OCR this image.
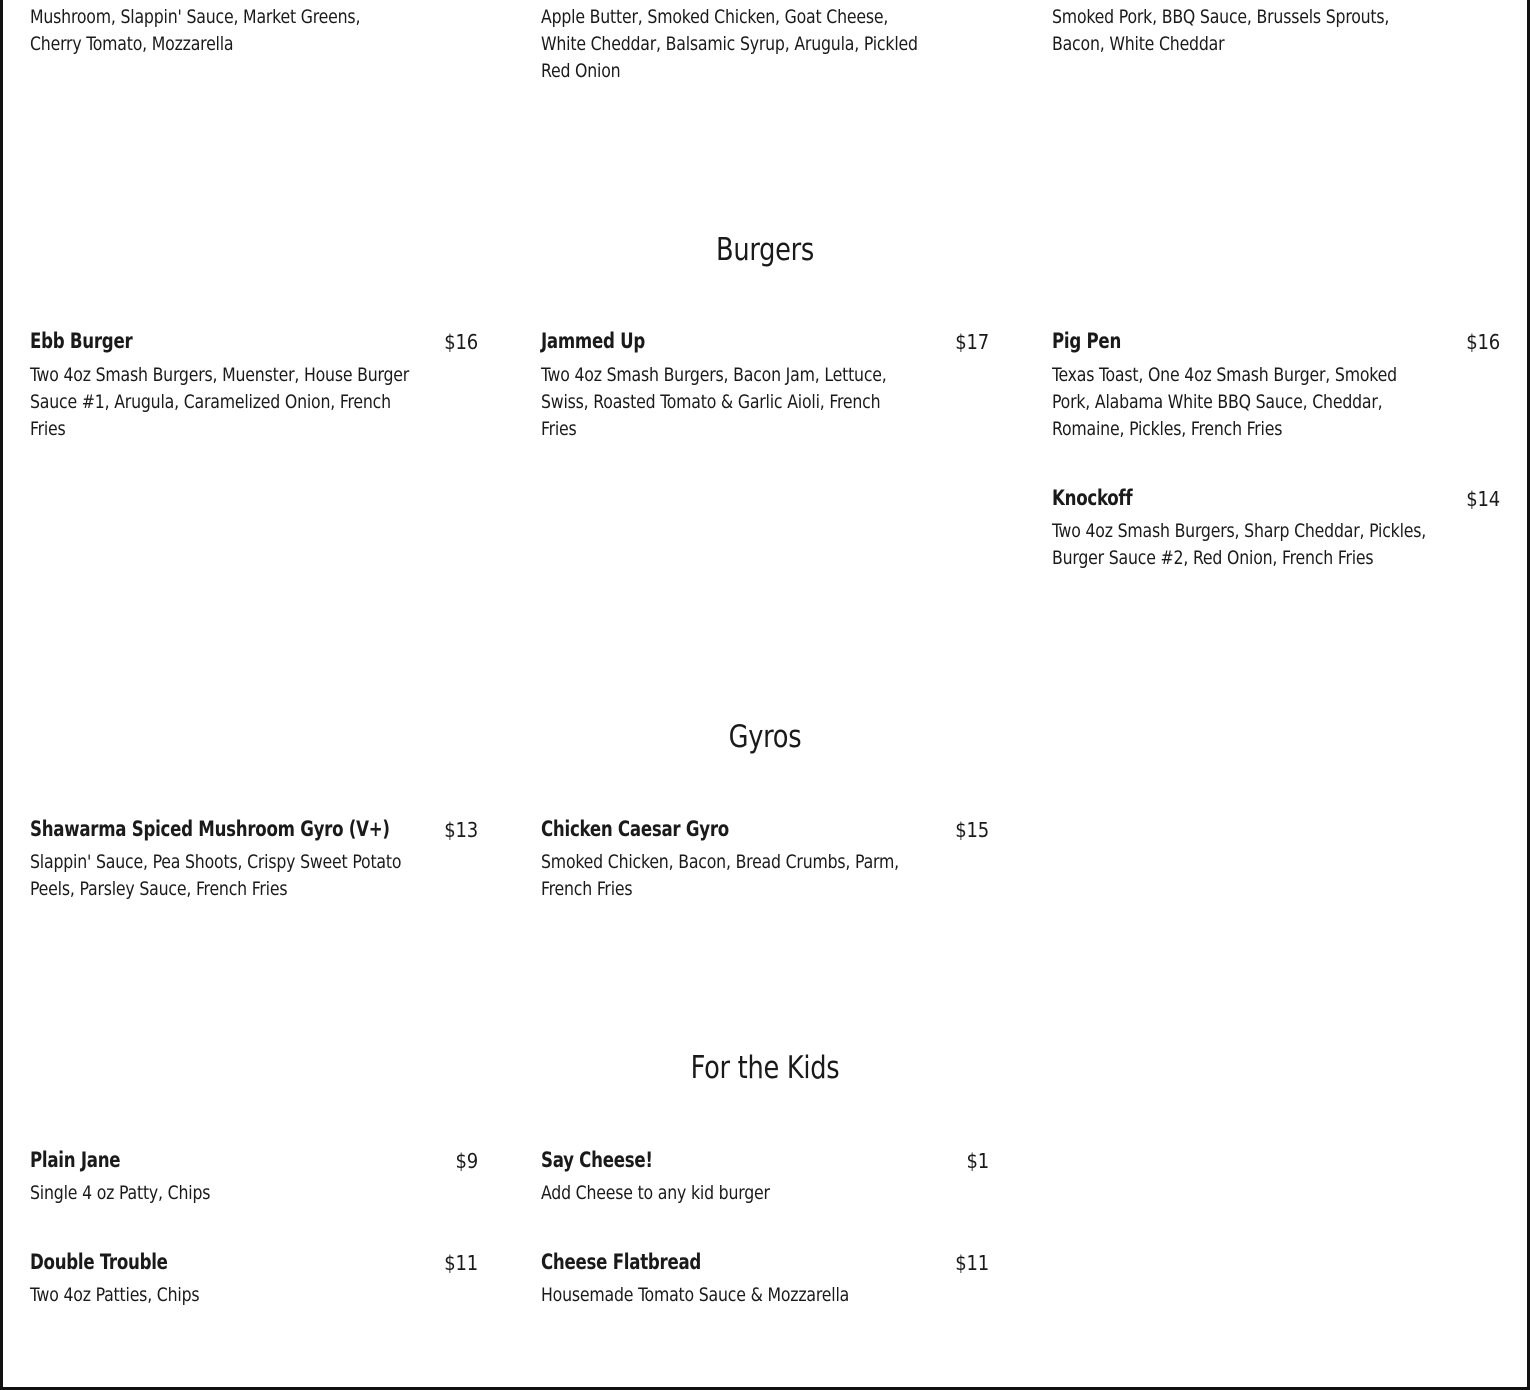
Mushroom, Slappin' Sauce, Market Greens, Cherry Tomato, Mozzarella
Apple Butter, Smoked Chicken, Goat Cheese, White Cheddar, Balsamic Syrup, Arugula, Pickled Red Onion
Smoked Pork, BBQ Sauce, Brussels Sprouts, Bacon, White Cheddar
Burgers
Ebb Burger	$16
Two 4oz Smash Burgers, Muenster, House Burger Sauce #1, Arugula, Caramelized Onion, French Fries
Jammed Up	$17
Two 4oz Smash Burgers, Bacon Jam, Lettuce, Swiss, Roasted Tomato & Garlic Aioli, French Fries
Pig Pen	$16
Texas Toast, One 4oz Smash Burger, Smoked Pork, Alabama White BBQ Sauce, Cheddar, Romaine, Pickles, French Fries
Knockoff	$14
Two 4oz Smash Burgers, Sharp Cheddar, Pickles, Burger Sauce #2, Red Onion, French Fries
Gyros
Shawarma Spiced Mushroom Gyro (V+)	$13
Slappin' Sauce, Pea Shoots, Crispy Sweet Potato Peels, Parsley Sauce, French Fries
Chicken Caesar Gyro	$15
Smoked Chicken, Bacon, Bread Crumbs, Parm, French Fries
For the Kids
Plain Jane	$9
Single 4 oz Patty, Chips
Say Cheese!	$1
Add Cheese to any kid burger
Double Trouble	$11
Two 4oz Patties, Chips
Cheese Flatbread	$11
Housemade Tomato Sauce & Mozzarella
